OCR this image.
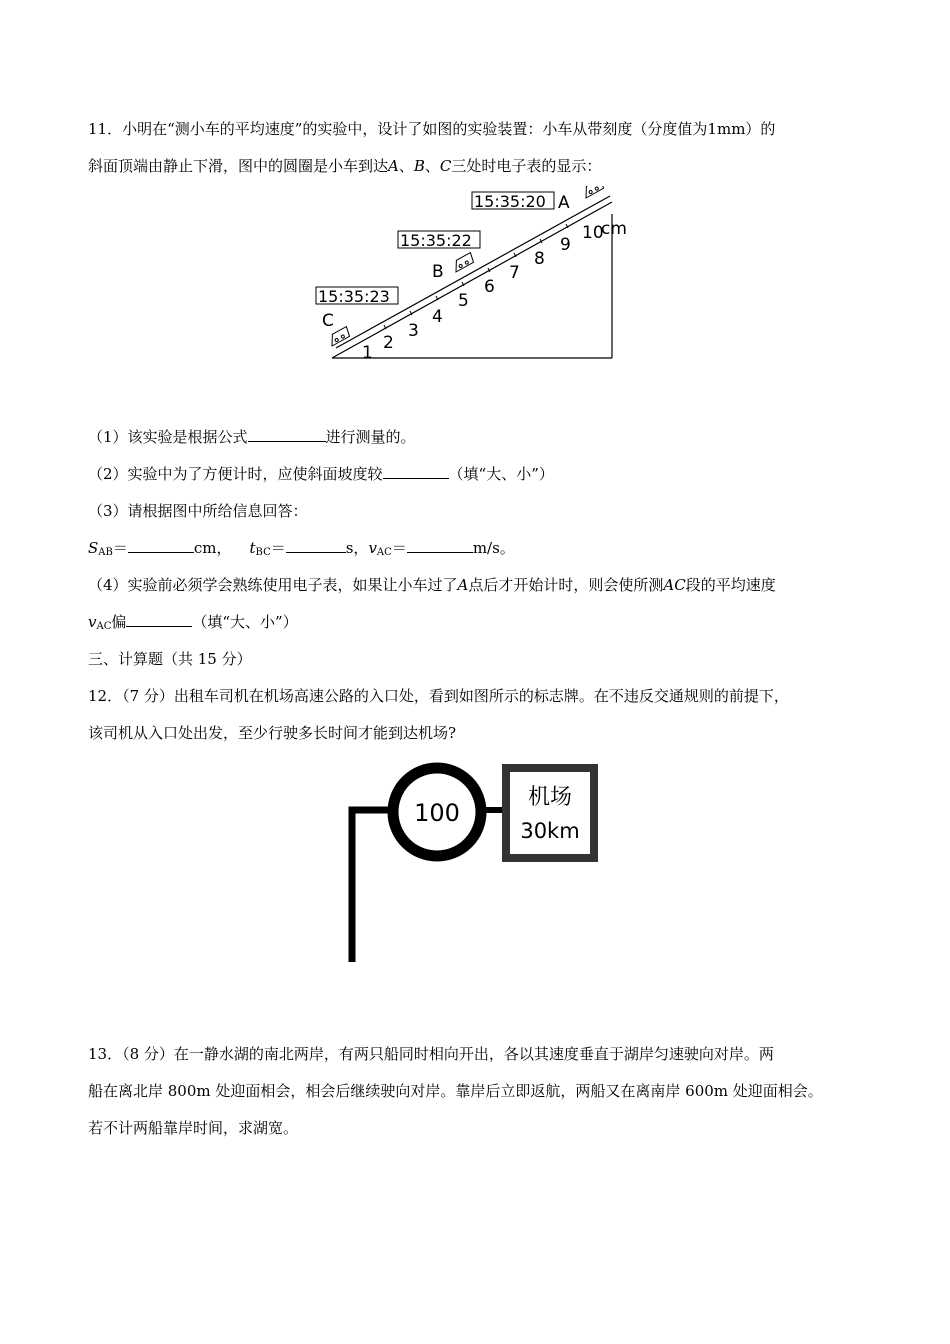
11．小明在“测小车的平均速度”的实验中，设计了如图的实验装置：小车从带刻度（分度值为1mm）的
斜面顶端由静止下滑，图中的圆圈是小车到达A、B、C三处时电子表的显示：
1 2
3
4
5
6
7
8
9
10
cm
15:35:20
15:35:22
15:35:23
A
B
C
（1）该实验是根据公式	进行测量的。
（2）实验中为了方便计时，应使斜面坡度较	（填“大、小”）
（3）请根据图中所给信息回答：
$S_{AB}=$	cm， $t_{BC}=$	s，$v_{AC}=$	m/s。
（4）实验前必须学会熟练使用电子表，如果让小车过了A点后才开始计时，则会使所测AC段的平均速度
$v_{AC}$偏	（填“大、小”）
三、计算题（共 15 分）
12．（7 分）出租车司机在机场高速公路的入口处，看到如图所示的标志牌。在不违反交通规则的前提下，
该司机从入口处出发，至少行驶多长时间才能到达机场?
100
机场
30km
13．（8 分）在一静水湖的南北两岸，有两只船同时相向开出，各以其速度垂直于湖岸匀速驶向对岸。两
船在离北岸 800m 处迎面相会，相会后继续驶向对岸。靠岸后立即返航，两船又在离南岸 600m 处迎面相会。
若不计两船靠岸时间，求湖宽。
